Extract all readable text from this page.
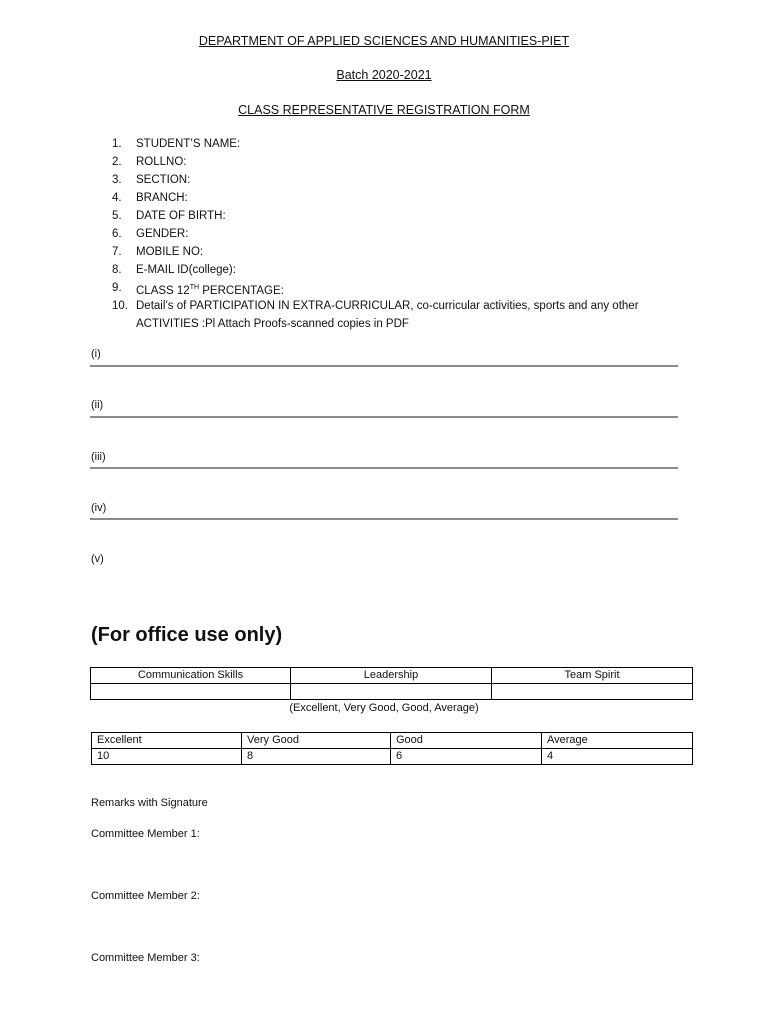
DEPARTMENT OF APPLIED SCIENCES AND HUMANITIES-PIET
Batch 2020-2021
CLASS REPRESENTATIVE REGISTRATION FORM
1.	STUDENT’S NAME:
2.	ROLLNO:
3.	SECTION:
4.	BRANCH:
5.	DATE OF BIRTH:
6.	GENDER:
7.	MOBILE NO:
8.	E-MAIL ID(college):
9.	CLASS 12TH PERCENTAGE:
10. Detail’s of PARTICIPATION IN EXTRA-CURRICULAR, co-curricular activities, sports and any other
ACTIVITIES :Pl Attach Proofs-scanned copies in PDF
(i)
(ii)
(iii)
(iv)
(v)
(For office use only)
Communication Skills	Leadership	Team Spirit

(Excellent, Very Good, Good, Average)
Excellent	Very Good	Good	Average
10	8	6	4
Remarks with Signature
Committee Member 1:
Committee Member 2:
Committee Member 3:
